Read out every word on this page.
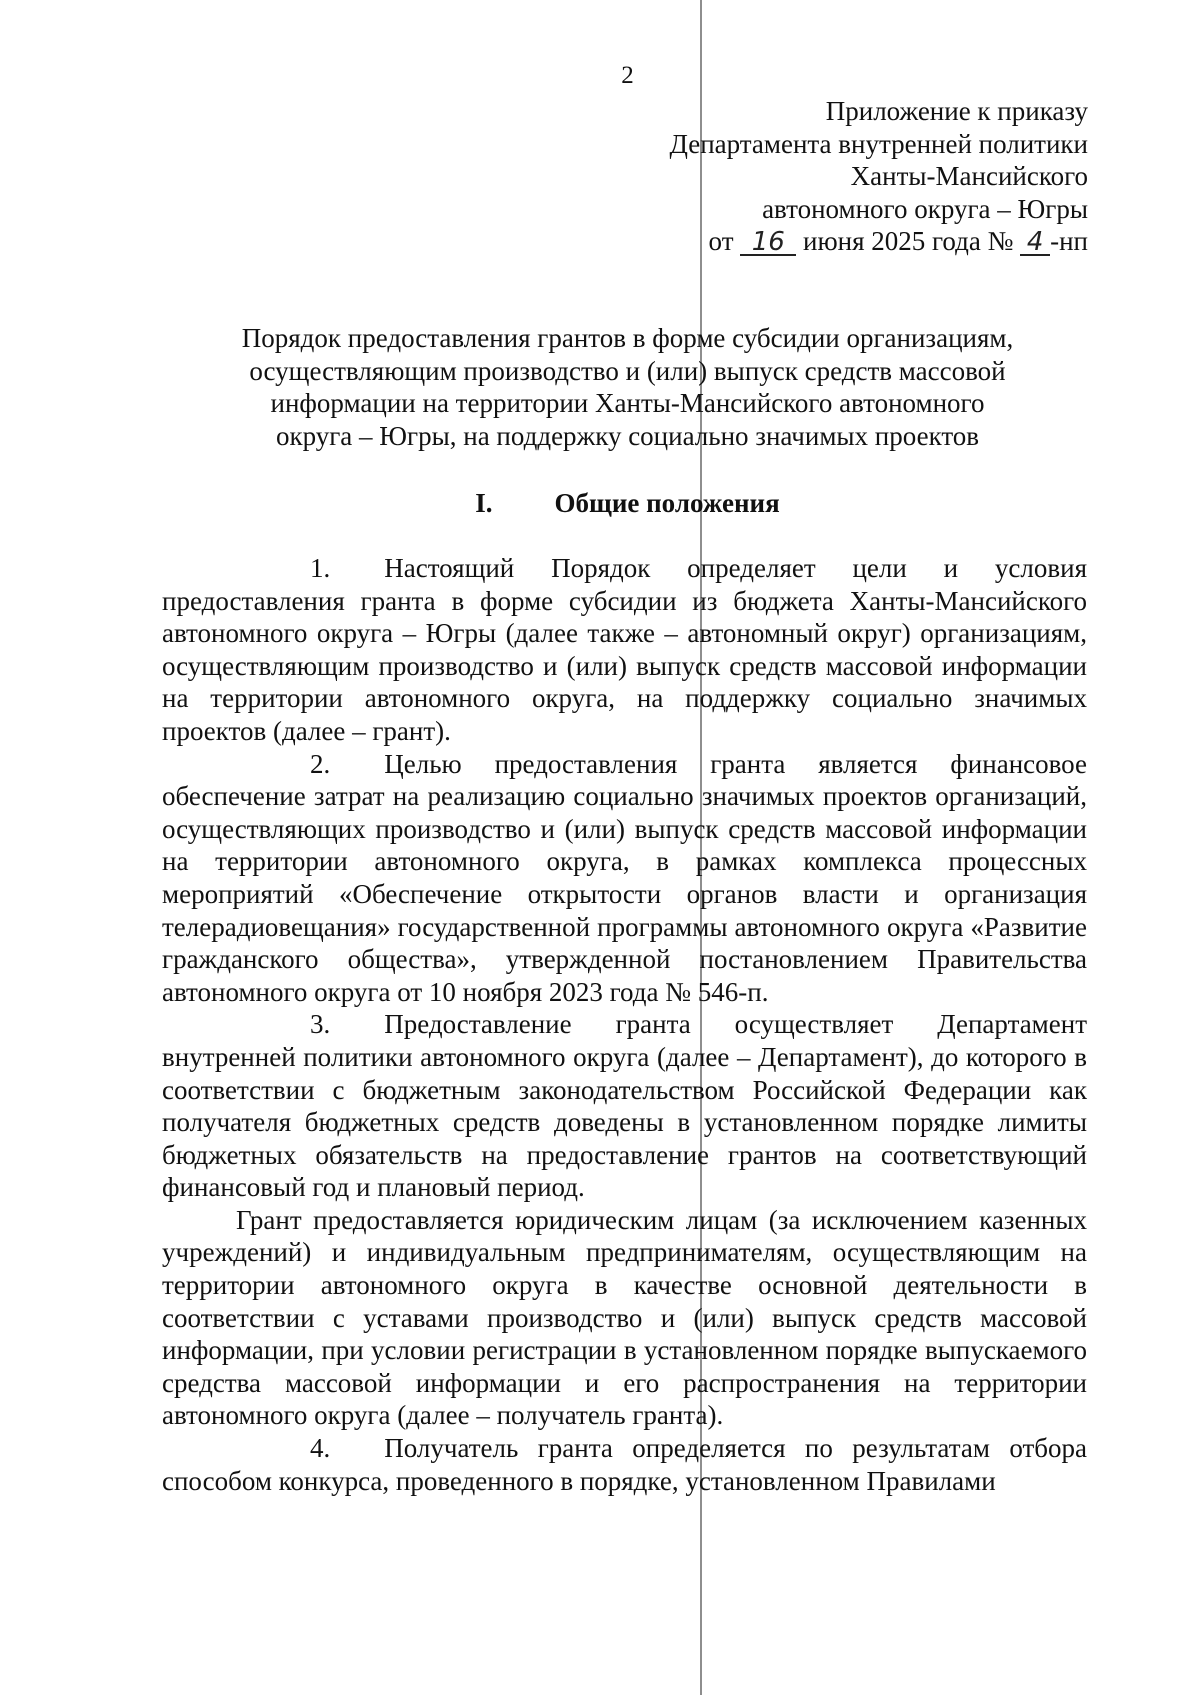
2
Приложение к приказу
Департамента внутренней политики
Ханты-Мансийского
автономного округа – Югры
от 16 июня 2025 года № 4 -нп
Порядок предоставления грантов в форме субсидии организациям,
осуществляющим производство и (или) выпуск средств массовой
информации на территории Ханты-Мансийского автономного
округа – Югры, на поддержку социально значимых проектов
I. Общие положения

1. Настоящий Порядок определяет цели и условия предоставления гранта в форме субсидии из бюджета Ханты-Мансийского автономного округа – Югры (далее также – автономный округ) организациям, осуществляющим производство и (или) выпуск средств массовой информации на территории автономного округа, на поддержку социально значимых проектов (далее – грант).

2. Целью предоставления гранта является финансовое обеспечение затрат на реализацию социально значимых проектов организаций, осуществляющих производство и (или) выпуск средств массовой информации на территории автономного округа, в рамках комплекса процессных мероприятий «Обеспечение открытости органов власти и организация телерадиовещания» государственной программы автономного округа «Развитие гражданского общества», утвержденной постановлением Правительства автономного округа от 10 ноября 2023 года № 546-п.

3. Предоставление гранта осуществляет Департамент внутренней политики автономного округа (далее – Департамент), до которого в соответствии с бюджетным законодательством Российской Федерации как получателя бюджетных средств доведены в установленном порядке лимиты бюджетных обязательств на предоставление грантов на соответствующий финансовый год и плановый период.

Грант предоставляется юридическим лицам (за исключением казенных учреждений) и индивидуальным предпринимателям, осуществляющим на территории автономного округа в качестве основной деятельности в соответствии с уставами производство и (или) выпуск средств массовой информации, при условии регистрации в установленном порядке выпускаемого средства массовой информации и его распространения на территории автономного округа (далее – получатель гранта).

4. Получатель гранта определяется по результатам отбора способом конкурса, проведенного в порядке, установленном Правилами
